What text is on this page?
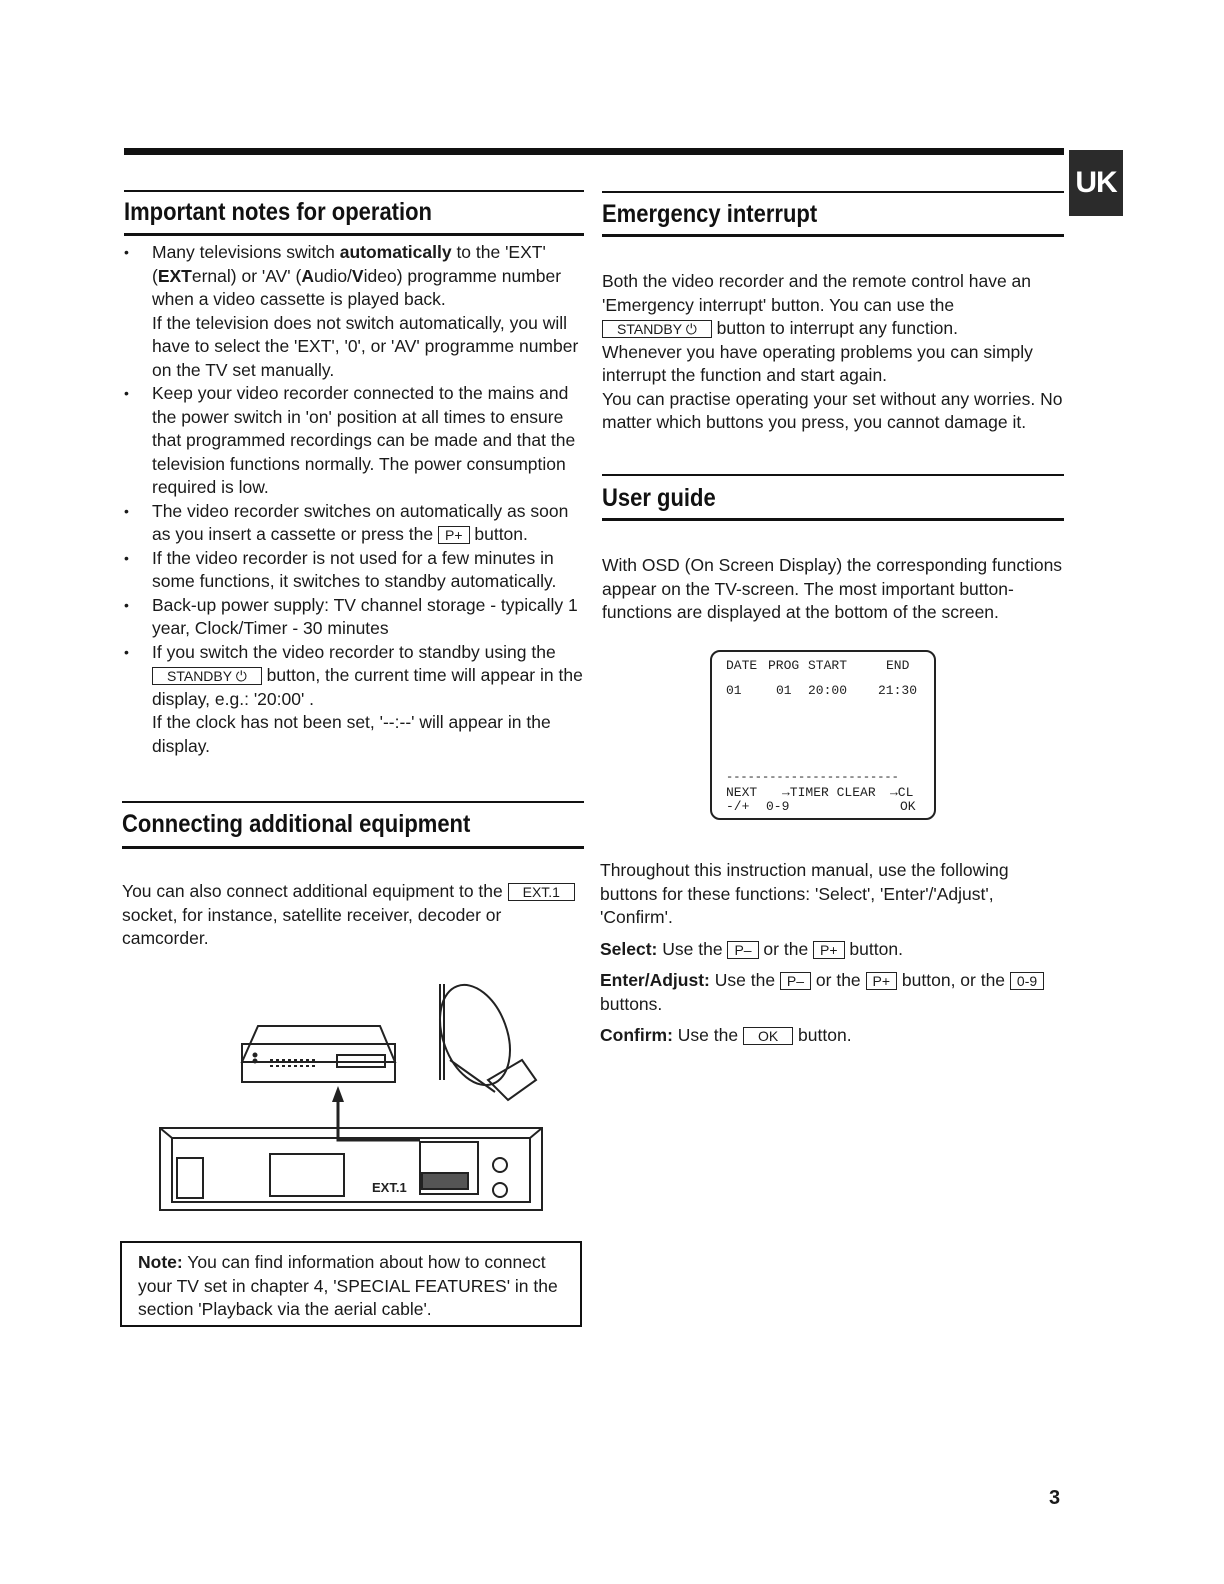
UK
Important notes for operation
• Many televisions switch automatically to the 'EXT' (EXTernal) or 'AV' (Audio/Video) programme number when a video cassette is played back.

If the television does not switch automatically, you will have to select the 'EXT', '0', or 'AV' programme number on the TV set manually.

• Keep your video recorder connected to the mains and the power switch in 'on' position at all times to ensure that programmed recordings can be made and that the television functions normally. The power consumption required is low.
• The video recorder switches on automatically as soon as you insert a cassette or press the P+ button.
• If the video recorder is not used for a few minutes in some functions, it switches to standby automatically.
• Back-up power supply: TV channel storage - typically 1 year, Clock/Timer - 30 minutes
• If you switch the video recorder to standby using the STANDBY ⏻ button, the current time will appear in the display, e.g.: '20:00' .

If the clock has not been set, '--:--' will appear in the display.

Connecting additional equipment
You can also connect additional equipment to the EXT.1 socket, for instance, satellite receiver, decoder or camcorder.
EXT.1
Note: You can find information about how to connect your TV set in chapter 4, 'SPECIAL FEATURES' in the section 'Playback via the aerial cable'.
Emergency interrupt

Both the video recorder and the remote control have an 'Emergency interrupt' button. You can use the STANDBY ⏻ button to interrupt any function.

Whenever you have operating problems you can simply interrupt the function and start again.

You can practise operating your set without any worries. No matter which buttons you press, you cannot damage it.

User guide
With OSD (On Screen Display) the corresponding functions appear on the TV-screen. The most important button-functions are displayed at the bottom of the screen.
DATE PROG START	END
01	01 20:00 21:30
------------------------
NEXT →TIMER CLEAR →CL
-/+ 0-9	OK

Throughout this instruction manual, use the following buttons for these functions: 'Select', 'Enter'/'Adjust', 'Confirm'.

Select: Use the P– or the P+ button.

Enter/Adjust: Use the P– or the P+ button, or the 0-9 buttons.

Confirm: Use the OK button.

3
